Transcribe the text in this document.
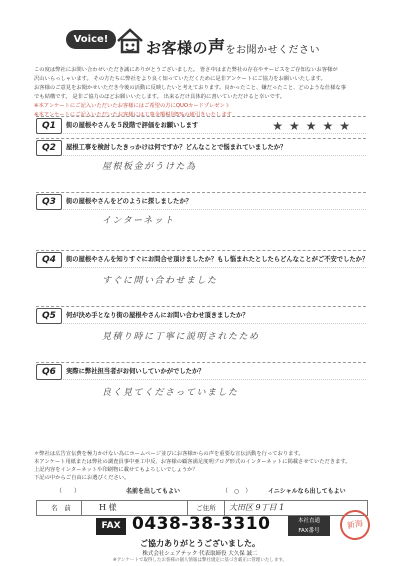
Voice!	お客様の声をお聞かせください
この度は弊社にお問い合わせいただき誠にありがとうございました。 皆さ中はまた弊社の存在やサービスをご存知ないお客様が
沢山いらっしゃいます。 その方たちに弊社をより良く知っていただくために是非アンケートにご協力をお願いいたします。
お客様のご意見をお聞かせいただき今後の活動に反映したいと考えております。良かったこと、嫌だったこと、どのような仕様な事
でも結構です。 是非ご協力のほどお願いいたします。 出来るだけ具体的に書いていただけると幸いです。
※本アンケートにご記入いただいたお客様にはご希望の方にQUOカードプレゼント
※本アンケートにご記入いただいたお客様には工事金額税別5%の値引きいたします
Q1	街の屋根やさんを５段階で評価をお願いします	★★★★★
Q2	屋根工事を検討したきっかけは何ですか？どんなことで悩まれていましたか？
屋根板金がうけた為
Q3	街の屋根やさんをどのように探しましたか？
インターネット
Q4	街の屋根やさんを知りすぐにお問合せ頂けましたか？もし悩まれたとしたらどんなことがご不安でしたか？
すぐに問い合わせました
Q5	何が決め手となり街の屋根やさんにお問い合わせ頂きましたか？
見積り時に丁寧に説明されたため
Q6	実際に弊社担当者がお伺いしていかがでしたか？
良く見てくださっていました
＊弊社は広告宣伝費を極力かけない為にホームページ並びにお客様からの声を重要な宣伝活動を行っております。
本アンケート用紙または弊社の調査員事中亜工中反、お客様の顧客満足度明ブログ形式のインターネットに掲載させていただきます。
上記内容をインターネットや印刷物に載せてもよろしいでしょうか？
下記の中からご自由にお選びください。
（　　）	名前を出してもよい	（　○　）	イニシャルなら出してもよい
名　前	H 様	ご住所	大田区 9丁目 1
FAX 0438-38-3310	本社直通
FAX番号
新海
ご協力ありがとうございました。
株式会社シェアテック 代表取締役 大久保 誠二
※アンケートで取得したお客様の個人情報は弊社規定に基づき厳正に管理いたします。
